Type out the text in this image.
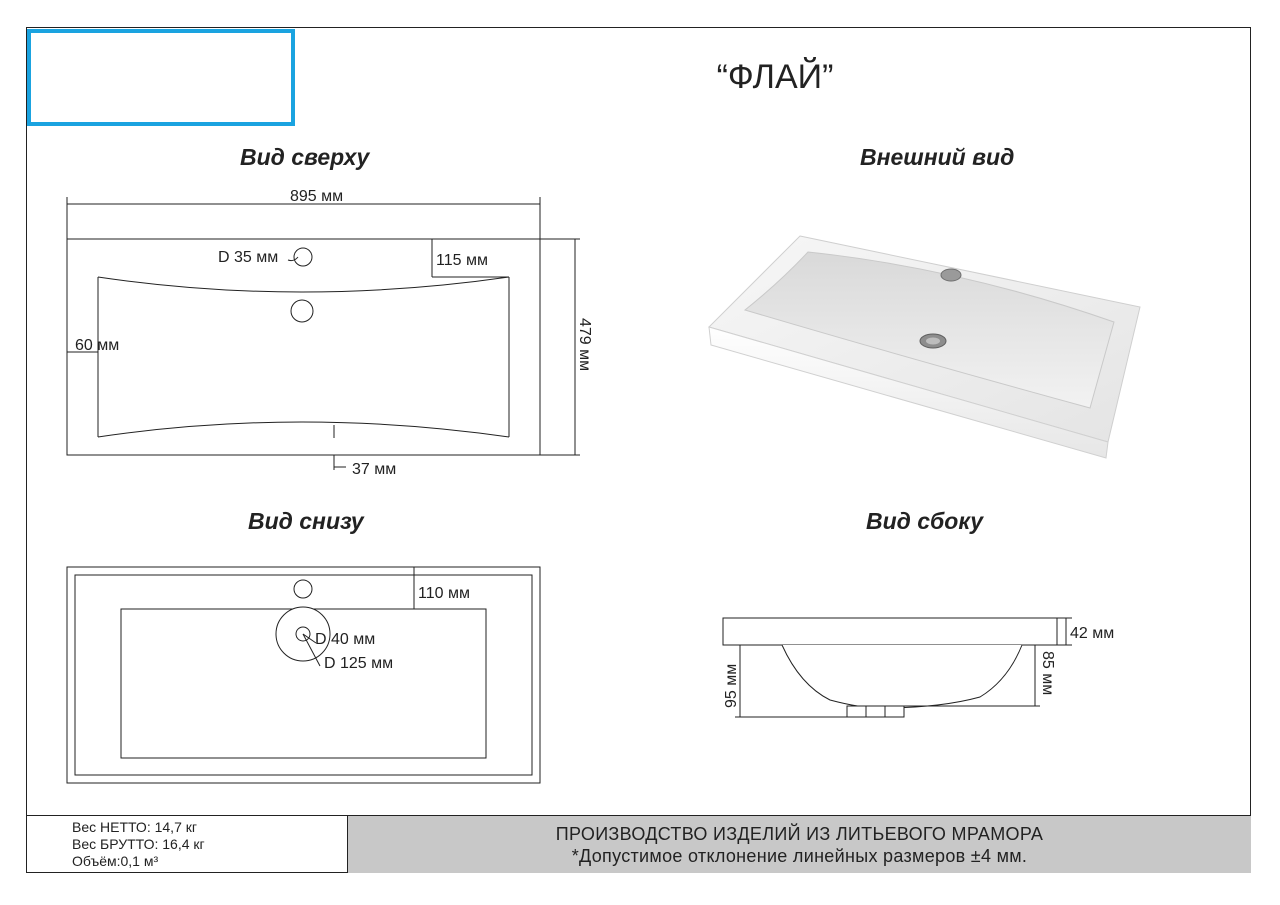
“ФЛАЙ”
Вид сверху	Внешний вид
Вид снизу	Вид сбоку
895 мм
479 мм
D 35 мм	115 мм
60 мм
37 мм
110 мм
D 40 мм
D 125 мм
42 мм
95 мм	85 мм
Вес НЕТТО: 14,7 кг
Вес БРУТТО: 16,4 кг
Объём:0,1 м³
ПРОИЗВОДСТВО ИЗДЕЛИЙ ИЗ ЛИТЬЕВОГО МРАМОРА
*Допустимое отклонение линейных размеров ±4 мм.
